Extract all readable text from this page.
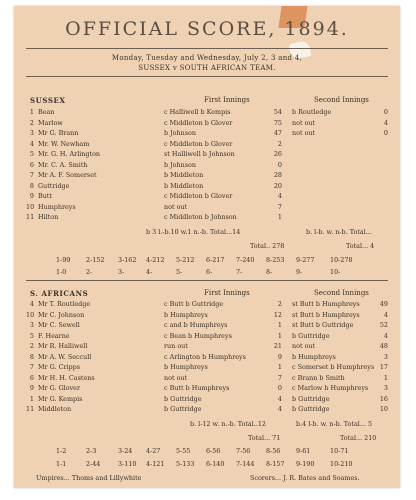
OFFICIAL SCORE, 1894.
Monday, Tuesday and Wednesday, July 2, 3 and 4,
SUSSEX v SOUTH AFRICAN TEAM.
SUSSEX	First Innings	Second Innings
1 Bean	c Halliwell b Kempis	54 b Routledge	0
2 Marlow	c Middleton b Glover	75 not out	4
3 Mr G. Brann	b Johnson	47 not out	0
4 Mr. W. Newham	c Middleton b Glover	2
5 Mr. G. H. Arlington	st Halliwell b Johnson	26
6 Mr. C. A. Smith	b Johnson	0
7 Mr A. F. Somerset	b Middleton	28
8 Guttridge	b Middleton	20
9 Butt	c Middleton b Glover	4
10 Humphreys	not out	7
11 Hilton	c Middleton b Johnson	1
b 3 l.-b.10 w.1 n.-b. Total...14	b. l-b. w. n-b. Total...
Total.. 278	Total... 4
1-99 2-152 3-162 4-212 5-212 6-217 7-240 8-253 9-277 10-278
1-0	2-	3-	4-	5-	6-	7-	8-	9-	10-
S. AFRICANS	First Innings	Second Innings
4 Mr T. Routledge	c Butt b Guttridge	2 st Butt b Humphreys	49
10 Mr C. Johnson	b Humphreys	12 st Butt b Humphreys	4
3 Mr C. Sewell	c and b Humphreys	1 st Butt b Guttridge	52
5 F. Hearne	c Bean b Humphreys	1 b Guttridge	4
2 Mr R. Halliwell	run out	21 not out	48
8 Mr A. W. Seccull	c Arlington b Humphreys	9 b Humphreys	3
7 Mr G. Cripps	b Humphreys	1 c Somerset b Humphreys 17
6 Mr H. H. Castens	not out	7 c Brann b Smith	1
9 Mr G. Glover	c Butt b Humphreys	0 c Marlow b Humphreys	3
1 Mr G. Kempis	b Guttridge	4 b Guttridge	16
11 Middleton	b Guttridge	4 b Guttridge	10
b. l-12 w. n.-b. Total..12	b.4 l-b. w. n-b. Total... 5
Total... 71	Total... 210
1-2	2-3	3-24 4-27 5-55 6-56 7-56 8-56 9-61	10-71
1-1	2-44	3-110 4-121 5-133 6-140 7-144 8-157 9-190 10-210
Umpires... Thoms and Lillywhite	Scorers... J. R. Bates and Soames.
